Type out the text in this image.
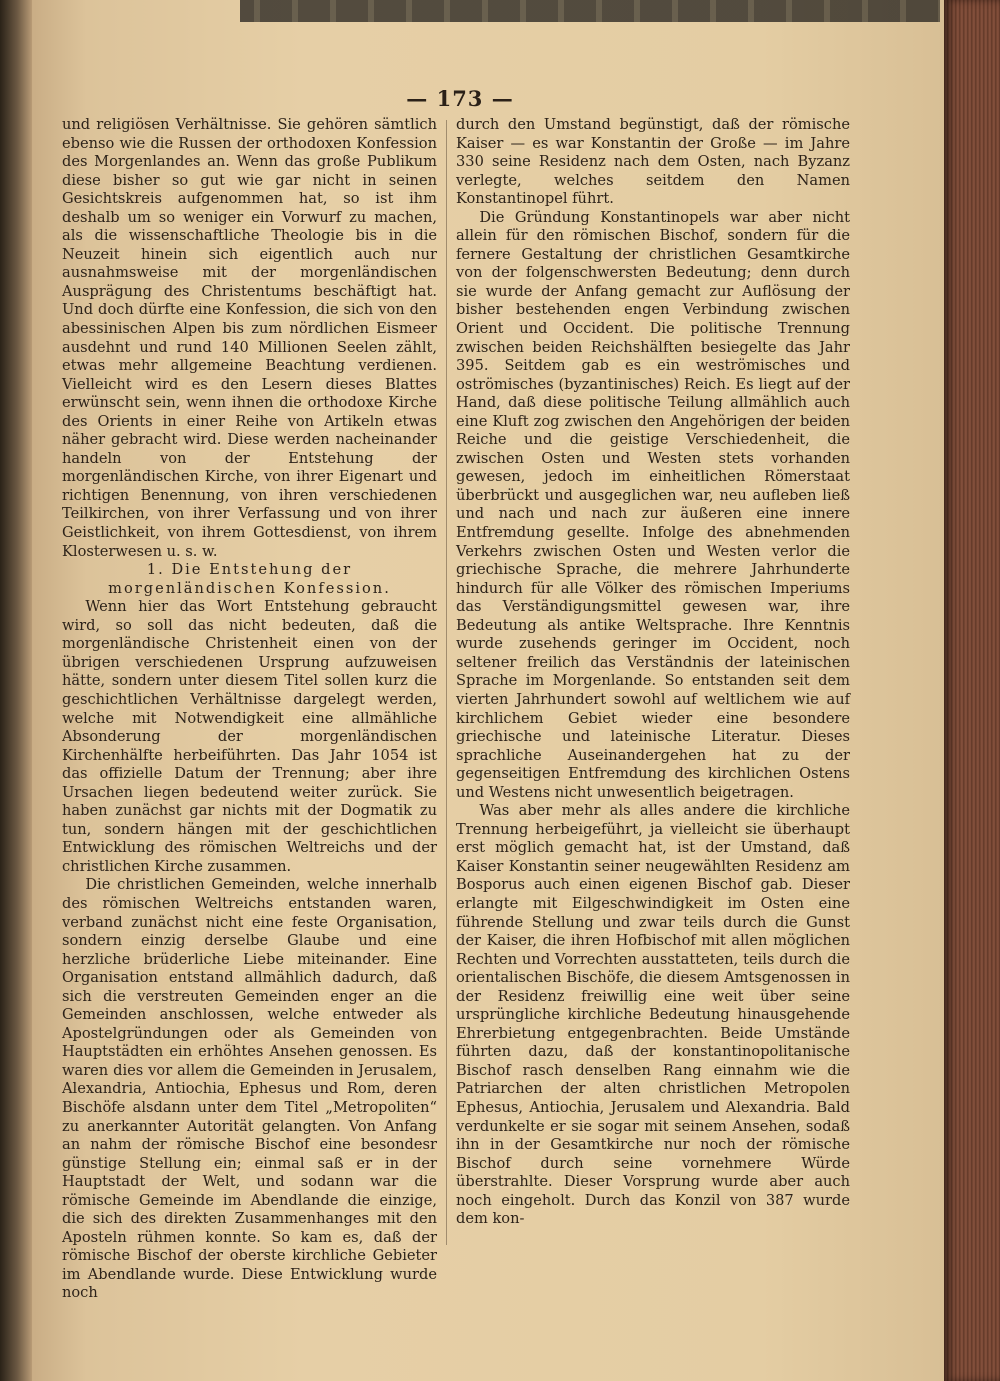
— 173 —

und religiösen Verhältnisse. Sie gehören sämtlich ebenso wie die Russen der orthodoxen Konfession des Morgenlandes an. Wenn das große Publikum diese bisher so gut wie gar nicht in seinen Gesichtskreis aufgenommen hat, so ist ihm deshalb um so weniger ein Vorwurf zu machen, als die wissenschaftliche Theologie bis in die Neuzeit hinein sich eigentlich auch nur ausnahmsweise mit der morgenländischen Ausprägung des Christentums beschäftigt hat. Und doch dürfte eine Konfession, die sich von den abessinischen Alpen bis zum nördlichen Eismeer ausdehnt und rund 140 Millionen Seelen zählt, etwas mehr allgemeine Beachtung verdienen. Vielleicht wird es den Lesern dieses Blattes erwünscht sein, wenn ihnen die orthodoxe Kirche des Orients in einer Reihe von Artikeln etwas näher gebracht wird. Diese werden nacheinander handeln von der Entstehung der morgenländischen Kirche, von ihrer Eigenart und richtigen Benennung, von ihren verschiedenen Teilkirchen, von ihrer Verfassung und von ihrer Geistlichkeit, von ihrem Gottesdienst, von ihrem Klosterwesen u. s. w.

1. Die Entstehung der morgenländischen Konfession.

Wenn hier das Wort Entstehung gebraucht wird, so soll das nicht bedeuten, daß die morgenländische Christenheit einen von der übrigen verschiedenen Ursprung aufzuweisen hätte, sondern unter diesem Titel sollen kurz die geschichtlichen Verhältnisse dargelegt werden, welche mit Notwendigkeit eine allmähliche Absonderung der morgenländischen Kirchenhälfte herbeiführten. Das Jahr 1054 ist das offizielle Datum der Trennung; aber ihre Ursachen liegen bedeutend weiter zurück. Sie haben zunächst gar nichts mit der Dogmatik zu tun, sondern hängen mit der geschichtlichen Entwicklung des römischen Weltreichs und der christlichen Kirche zusammen.

Die christlichen Gemeinden, welche innerhalb des römischen Weltreichs entstanden waren, verband zunächst nicht eine feste Organisation, sondern einzig derselbe Glaube und eine herzliche brüderliche Liebe miteinander. Eine Organisation entstand allmählich dadurch, daß sich die verstreuten Gemeinden enger an die Gemeinden anschlossen, welche entweder als Apostelgründungen oder als Gemeinden von Hauptstädten ein erhöhtes Ansehen genossen. Es waren dies vor allem die Gemeinden in Jerusalem, Alexandria, Antiochia, Ephesus und Rom, deren Bischöfe alsdann unter dem Titel „Metropoliten“ zu anerkannter Autorität gelangten. Von Anfang an nahm der römische Bischof eine besondesr günstige Stellung ein; einmal saß er in der Hauptstadt der Welt, und sodann war die römische Gemeinde im Abendlande die einzige, die sich des direkten Zusammenhanges mit den Aposteln rühmen konnte. So kam es, daß der römische Bischof der oberste kirchliche Gebieter im Abendlande wurde. Diese Entwicklung wurde noch

durch den Umstand begünstigt, daß der römische Kaiser — es war Konstantin der Große — im Jahre 330 seine Residenz nach dem Osten, nach Byzanz verlegte, welches seitdem den Namen Konstantinopel führt.

Die Gründung Konstantinopels war aber nicht allein für den römischen Bischof, sondern für die fernere Gestaltung der christlichen Gesamtkirche von der folgenschwersten Bedeutung; denn durch sie wurde der Anfang gemacht zur Auflösung der bisher bestehenden engen Verbindung zwischen Orient und Occident. Die politische Trennung zwischen beiden Reichshälften besiegelte das Jahr 395. Seitdem gab es ein weströmisches und oströmisches (byzantinisches) Reich. Es liegt auf der Hand, daß diese politische Teilung allmählich auch eine Kluft zog zwischen den Angehörigen der beiden Reiche und die geistige Verschiedenheit, die zwischen Osten und Westen stets vorhanden gewesen, jedoch im einheitlichen Römerstaat überbrückt und ausgeglichen war, neu aufleben ließ und nach und nach zur äußeren eine innere Entfremdung gesellte. Infolge des abnehmenden Verkehrs zwischen Osten und Westen verlor die griechische Sprache, die mehrere Jahrhunderte hindurch für alle Völker des römischen Imperiums das Verständigungsmittel gewesen war, ihre Bedeutung als antike Weltsprache. Ihre Kenntnis wurde zusehends geringer im Occident, noch seltener freilich das Verständnis der lateinischen Sprache im Morgenlande. So entstanden seit dem vierten Jahrhundert sowohl auf weltlichem wie auf kirchlichem Gebiet wieder eine besondere griechische und lateinische Literatur. Dieses sprachliche Auseinandergehen hat zu der gegenseitigen Entfremdung des kirchlichen Ostens und Westens nicht unwesentlich beigetragen.

Was aber mehr als alles andere die kirchliche Trennung herbeigeführt, ja vielleicht sie überhaupt erst möglich gemacht hat, ist der Umstand, daß Kaiser Konstantin seiner neugewählten Residenz am Bosporus auch einen eigenen Bischof gab. Dieser erlangte mit Eilgeschwindigkeit im Osten eine führende Stellung und zwar teils durch die Gunst der Kaiser, die ihren Hofbischof mit allen möglichen Rechten und Vorrechten ausstatteten, teils durch die orientalischen Bischöfe, die diesem Amtsgenossen in der Residenz freiwillig eine weit über seine ursprüngliche kirchliche Bedeutung hinausgehende Ehrerbietung entgegenbrachten. Beide Umstände führten dazu, daß der konstantinopolitanische Bischof rasch denselben Rang einnahm wie die Patriarchen der alten christlichen Metropolen Ephesus, Antiochia, Jerusalem und Alexandria. Bald verdunkelte er sie sogar mit seinem Ansehen, sodaß ihn in der Gesamtkirche nur noch der römische Bischof durch seine vornehmere Würde überstrahlte. Dieser Vorsprung wurde aber auch noch eingeholt. Durch das Konzil von 387 wurde dem kon-
